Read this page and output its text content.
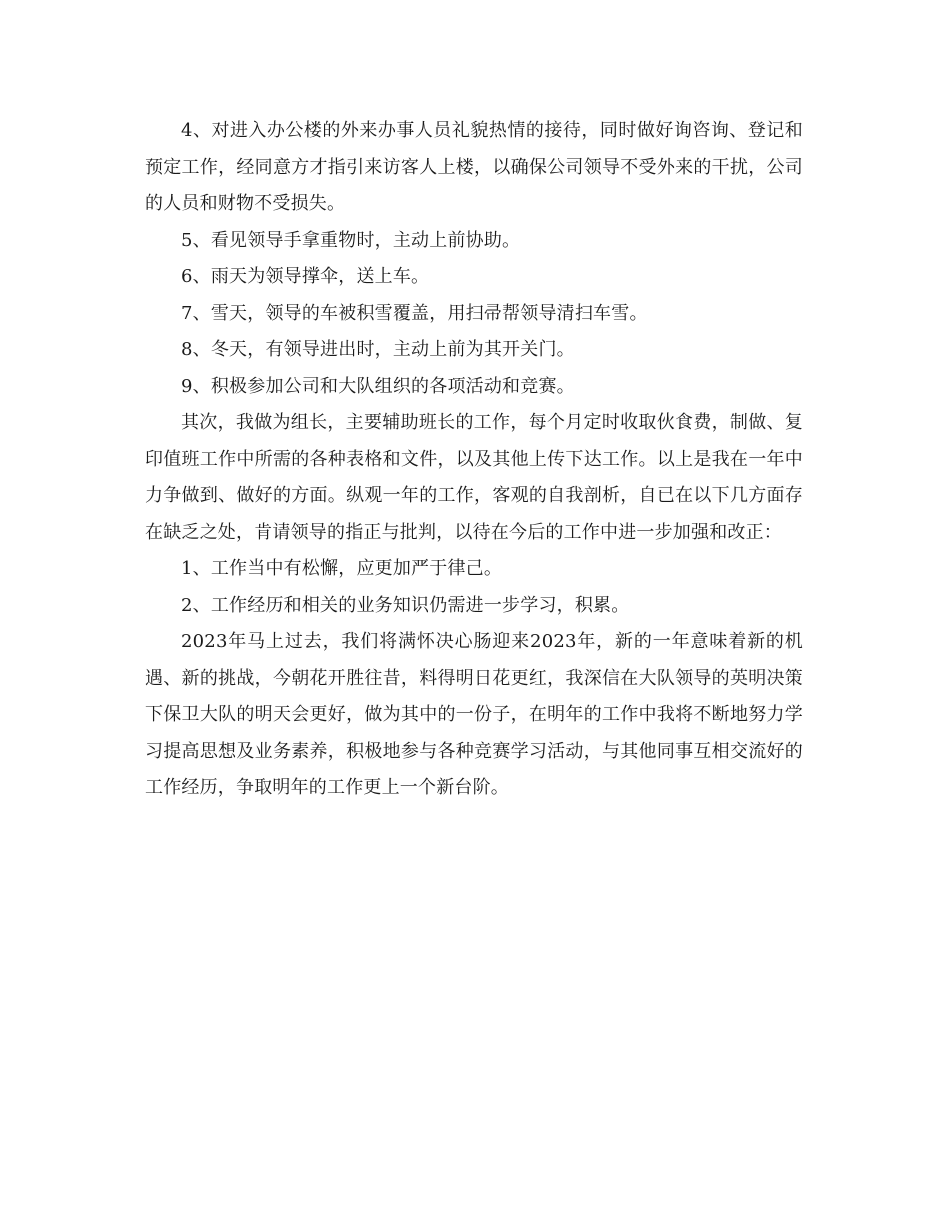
4、对进入办公楼的外来办事人员礼貌热情的接待，同时做好询咨询、登记和预定工作，经同意方才指引来访客人上楼，以确保公司领导不受外来的干扰，公司的人员和财物不受损失。

5、看见领导手拿重物时，主动上前协助。

6、雨天为领导撑伞，送上车。

7、雪天，领导的车被积雪覆盖，用扫帚帮领导清扫车雪。

8、冬天，有领导进出时，主动上前为其开关门。

9、积极参加公司和大队组织的各项活动和竞赛。

其次，我做为组长，主要辅助班长的工作，每个月定时收取伙食费，制做、复印值班工作中所需的各种表格和文件，以及其他上传下达工作。以上是我在一年中力争做到、做好的方面。纵观一年的工作，客观的自我剖析，自已在以下几方面存在缺乏之处，肯请领导的指正与批判，以待在今后的工作中进一步加强和改正：

1、工作当中有松懈，应更加严于律己。

2、工作经历和相关的业务知识仍需进一步学习，积累。

2023年马上过去，我们将满怀决心肠迎来2023年，新的一年意味着新的机遇、新的挑战，今朝花开胜往昔，料得明日花更红，我深信在大队领导的英明决策下保卫大队的明天会更好，做为其中的一份子，在明年的工作中我将不断地努力学习提高思想及业务素养，积极地参与各种竞赛学习活动，与其他同事互相交流好的工作经历，争取明年的工作更上一个新台阶。
